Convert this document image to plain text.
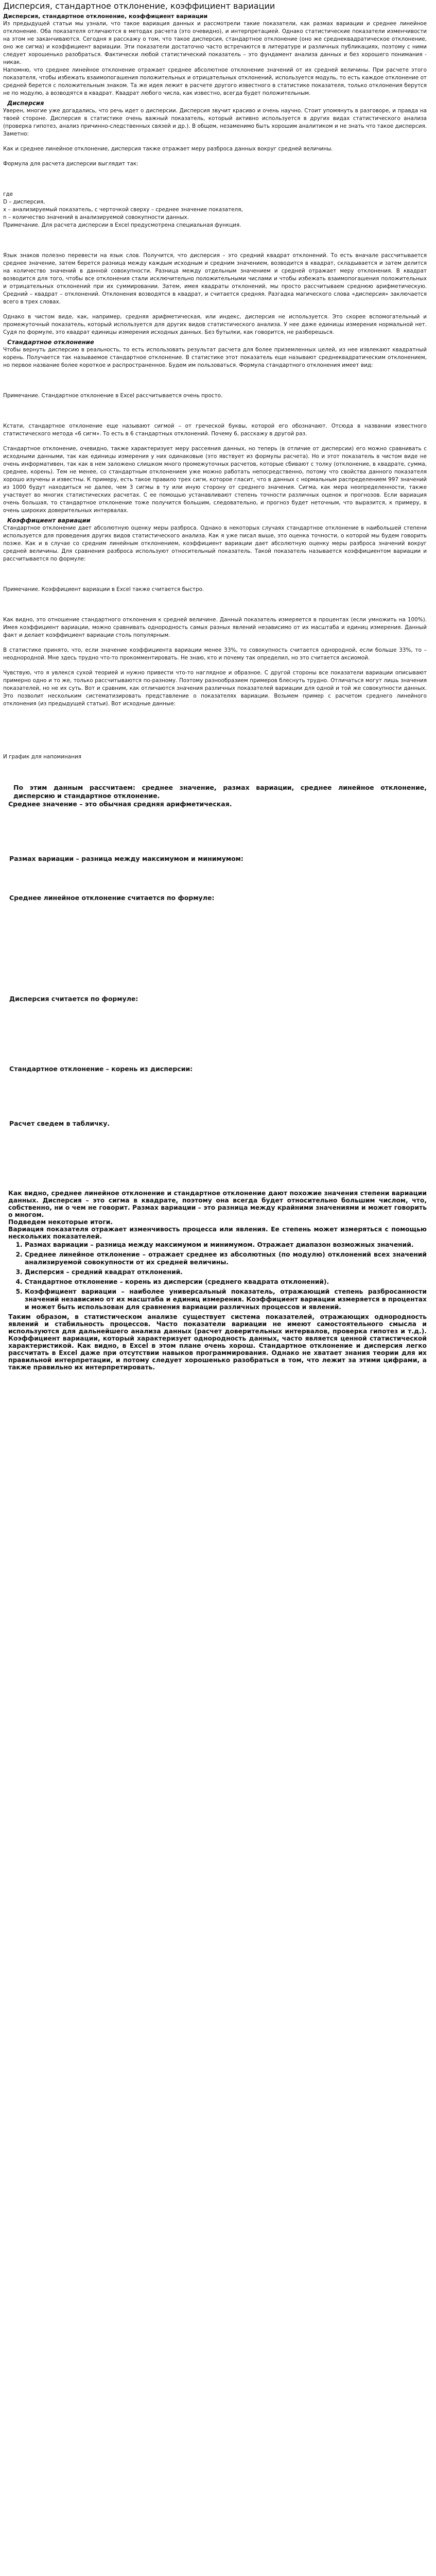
Дисперсия, стандартное отклонение, коэффициент вариации
Дисперсия, стандартное отклонение, коэффициент вариации

Из предыдущей статьи мы узнали, что такое вариация данных и рассмотрели такие показатели, как размах вариации и среднее линейное отклонение. Оба показателя отличаются в методах расчета (это очевидно), и интерпретацией. Однако статистические показатели изменчивости на этом не заканчиваются. Сегодня я расскажу о том, что такое дисперсия, стандартное отклонение (оно же среднеквадратическое отклонение, оно же сигма) и коэффициент вариации. Эти показатели достаточно часто встречаются в литературе и различных публикациях, поэтому с ними следует хорошенько разобраться. Фактически любой статистический показатель – это фундамент анализа данных и без хорошего понимания - никак.

Напомню, что среднее линейное отклонение отражает среднее абсолютное отклонение значений от их средней величины. При расчете этого показателя, чтобы избежать взаимопогашения положительных и отрицательных отклонений, используется модуль, то есть каждое отклонение от средней берется с положительным знаком. Та же идея лежит в расчете другого известного в статистике показателя, только отклонения берутся не по модулю, а возводятся в квадрат. Квадрат любого числа, как известно, всегда будет положительным.

Дисперсия

Уверен, многие уже догадались, что речь идет о дисперсии. Дисперсия звучит красиво и очень научно. Стоит упомянуть в разговоре, и правда на твоей стороне. Дисперсия в статистике очень важный показатель, который активно используется в других видах статистического анализа (проверка гипотез, анализ причинно-следственных связей и др.). В общем, незаменимо быть хорошим аналитиком и не знать что такое дисперсия. Заметно:

Как и среднее линейное отклонение, дисперсия также отражает меру разброса данных вокруг средней величины.

Формула для расчета дисперсии выглядит так:

где

D – дисперсия,

x – анализируемый показатель, с черточкой сверху – среднее значение показателя,

n – количество значений в анализируемой совокупности данных.

Примечание. Для расчета дисперсии в Excel предусмотрена специальная функция.

Язык знаков полезно перевести на язык слов. Получится, что дисперсия – это средний квадрат отклонений. То есть вначале рассчитывается среднее значение, затем берется разница между каждым исходным и средним значением, возводится в квадрат, складывается и затем делится на количество значений в данной совокупности. Разница между отдельным значением и средней отражает меру отклонения. В квадрат возводится для того, чтобы все отклонения стали исключительно положительными числами и чтобы избежать взаимопогашения положительных и отрицательных отклонений при их суммировании. Затем, имея квадраты отклонений, мы просто рассчитываем среднюю арифметическую. Средний – квадрат – отклонений. Отклонения возводятся в квадрат, и считается средняя. Разгадка магического слова «дисперсия» заключается всего в трех словах.

Однако в чистом виде, как, например, средняя арифметическая, или индекс, дисперсия не используется. Это скорее вспомогательный и промежуточный показатель, который используется для других видов статистического анализа. У нее даже единицы измерения нормальной нет. Судя по формуле, это квадрат единицы измерения исходных данных. Без бутылки, как говорится, не разберешься.

Стандартное отклонение

Чтобы вернуть дисперсию в реальность, то есть использовать результат расчета для более приземленных целей, из нее извлекают квадратный корень. Получается так называемое стандартное отклонение. В статистике этот показатель еще называют среднеквадратическим отклонением, но первое название более короткое и распространенное. Будем им пользоваться. Формула стандартного отклонения имеет вид:

Примечание. Стандартное отклонение в Excel рассчитывается очень просто.

Кстати, стандартное отклонение еще называют сигмой – от греческой буквы, которой его обозначают. Отсюда в названии известного статистического метода «6 сигм». То есть в 6 стандартных отклонений. Почему 6, расскажу в другой раз.

Стандартное отклонение, очевидно, также характеризует меру рассеяния данных, но теперь (в отличие от дисперсии) его можно сравнивать с исходными данными, так как единицы измерения у них одинаковые (это явствует из формулы расчета). Но и этот показатель в чистом виде не очень информативен, так как в нем заложено слишком много промежуточных расчетов, которые сбивают с толку (отклонение, в квадрате, сумма, среднее, корень). Тем не менее, со стандартным отклонением уже можно работать непосредственно, потому что свойства данного показателя хорошо изучены и известны. К примеру, есть такое правило трех сигм, которое гласит, что в данных с нормальным распределением 997 значений из 1000 будут находиться не далее, чем 3 сигмы в ту или иную сторону от среднего значения. Сигма, как мера неопределенности, также участвует во многих статистических расчетах. С ее помощью устанавливают степень точности различных оценок и прогнозов. Если вариация очень большая, то стандартное отклонение тоже получится большим, следовательно, и прогноз будет неточным, что выразится, к примеру, в очень широких доверительных интервалах.

Коэффициент вариации

Стандартное отклонение дает абсолютную оценку меры разброса. Однако в некоторых случаях стандартное отклонение в наибольшей степени используется для проведения других видов статистического анализа. Как я уже писал выше, это оценка точности, о которой мы будем говорить позже. Как и в случае со средним линейным отклонением, коэффициент вариации дает абсолютную оценку меры разброса значений вокруг средней величины. Для сравнения разброса используют относительный показатель. Такой показатель называется коэффициентом вариации и рассчитывается по формуле:

Примечание. Коэффициент вариации в Excel также считается быстро.

Как видно, это отношение стандартного отклонения к средней величине. Данный показатель измеряется в процентах (если умножить на 100%). Имея коэффициент вариации, можно сравнивать однородность самых разных явлений независимо от их масштаба и единиц измерения. Данный факт и делает коэффициент вариации столь популярным.

В статистике принято, что, если значение коэффициента вариации менее 33%, то совокупность считается однородной, если больше 33%, то – неоднородной. Мне здесь трудно что-то прокомментировать. Не знаю, кто и почему так определил, но это считается аксиомой.

Чувствую, что я увлекся сухой теорией и нужно привести что-то наглядное и образное. С другой стороны все показатели вариации описывают примерно одно и то же, только рассчитываются по-разному. Поэтому разнообразием примеров блеснуть трудно. Отличаться могут лишь значения показателей, но не их суть. Вот и сравним, как отличаются значения различных показателей вариации для одной и той же совокупности данных. Это позволит нескольким систематизировать представление о показателях вариации. Возьмем пример с расчетом среднего линейного отклонения (из предыдущей статьи). Вот исходные данные:

И график для напоминания

По этим данным рассчитаем: среднее значение, размах вариации, среднее линейное отклонение, дисперсию и стандартное отклонение.

Среднее значение – это обычная средняя арифметическая.

Размах вариации – разница между максимумом и минимумом:

Среднее линейное отклонение считается по формуле:

Дисперсия считается по формуле:

Стандартное отклонение – корень из дисперсии:

Расчет сведем в табличку.

Как видно, среднее линейное отклонение и стандартное отклонение дают похожие значения степени вариации данных. Дисперсия – это сигма в квадрате, поэтому она всегда будет относительно большим числом, что, собственно, ни о чем не говорит. Размах вариации – это разница между крайними значениями и может говорить о многом.

Подведем некоторые итоги.

Вариация показателя отражает изменчивость процесса или явления. Ее степень может измеряться с помощью нескольких показателей.

1. Размах вариации – разница между максимумом и минимумом. Отражает диапазон возможных значений.
2. Среднее линейное отклонение – отражает среднее из абсолютных (по модулю) отклонений всех значений анализируемой совокупности от их средней величины.
3. Дисперсия – средний квадрат отклонений.
4. Стандартное отклонение – корень из дисперсии (среднего квадрата отклонений).
5. Коэффициент вариации – наиболее универсальный показатель, отражающий степень разбросанности значений независимо от их масштаба и единиц измерения. Коэффициент вариации измеряется в процентах и может быть использован для сравнения вариации различных процессов и явлений.

Таким образом, в статистическом анализе существует система показателей, отражающих однородность явлений и стабильность процессов. Часто показатели вариации не имеют самостоятельного смысла и используются для дальнейшего анализа данных (расчет доверительных интервалов, проверка гипотез и т.д.). Коэффициент вариации, который характеризует однородность данных, часто является ценной статистической характеристикой. Как видно, в Excel в этом плане очень хорош. Стандартное отклонение и дисперсия легко рассчитать в Excel даже при отсутствии навыков программирования. Однако не хватает знания теории для их правильной интерпретации, и потому следует хорошенько разобраться в том, что лежит за этими цифрами, а также правильно их интерпретировать.
